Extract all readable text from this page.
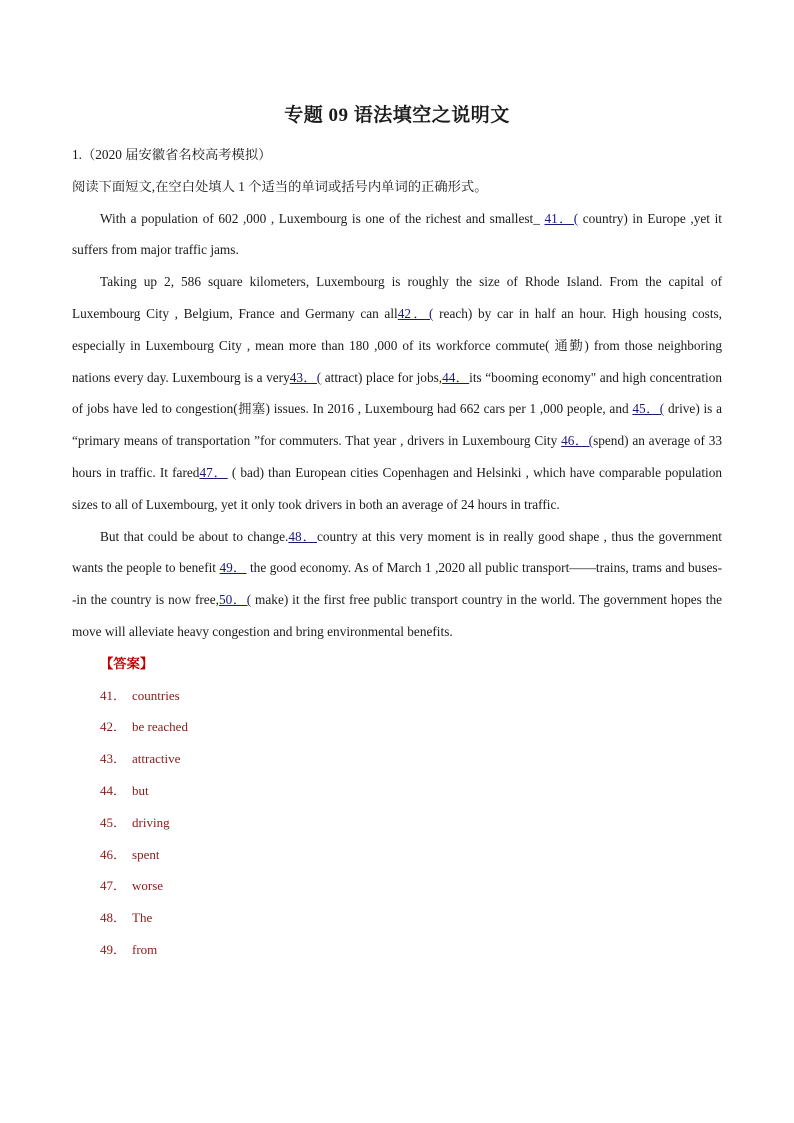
专题 09 语法填空之说明文

1.（2020 届安徽省名校高考模拟）

阅读下面短文,在空白处填人 1 个适当的单词或括号内单词的正确形式。

With a population of 602 ,000 , Luxembourg is one of the richest and smallest_ 41．( country) in Europe ,yet it suffers from major traffic jams.

Taking up 2, 586 square kilometers, Luxembourg is roughly the size of Rhode Island. From the capital of Luxembourg City , Belgium, France and Germany can all42．( reach) by car in half an hour. High housing costs, especially in Luxembourg City , mean more than 180 ,000 of its workforce commute( 通勤) from those neighboring nations every day. Luxembourg is a very43．( attract) place for jobs,44．its “booming economy" and high concentration of jobs have led to congestion(拥塞) issues. In 2016 , Luxembourg had 662 cars per 1 ,000 people, and 45．( drive) is a “primary means of transportation ”for commuters. That year , drivers in Luxembourg City 46．(spend) an average of 33 hours in traffic. It fared47． ( bad) than European cities Copenhagen and Helsinki , which have comparable population sizes to all of Luxembourg, yet it only took drivers in both an average of 24 hours in traffic.

But that could be about to change.48．country at this very moment is in really good shape , thus the government wants the people to benefit 49． the good economy. As of March 1 ,2020 all public transport——trains, trams and buses- -in the country is now free,50．( make) it the first free public transport country in the world. The government hopes the move will alleviate heavy congestion and bring environmental benefits.

【答案】
41． countries
42． be reached
43． attractive
44． but
45． driving
46． spent
47． worse
48． The
49． from
